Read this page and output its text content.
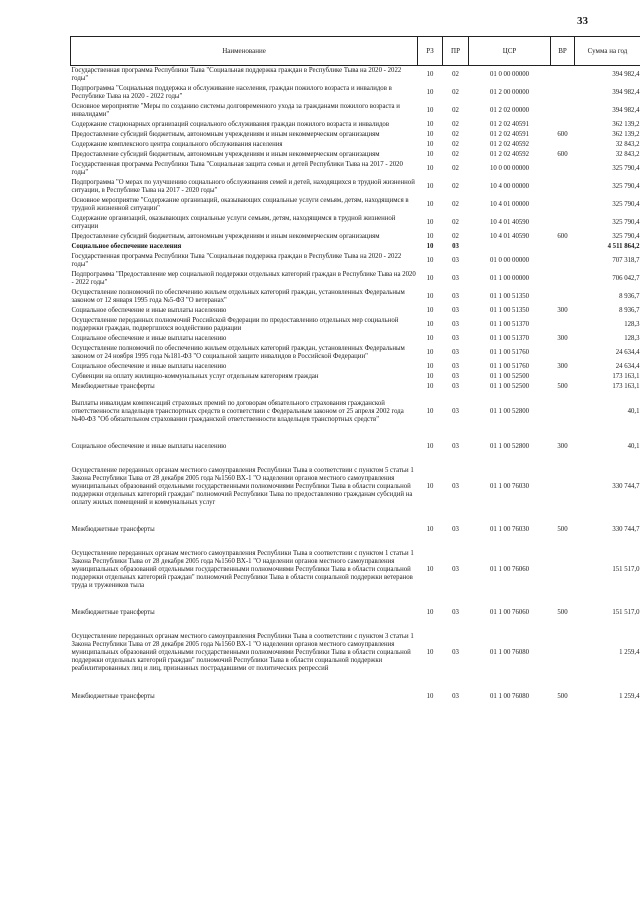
33
Наименование	РЗ	ПР	ЦСР	ВР	Сумма на год
Государственная программа Республики Тыва "Социальная поддержка граждан в Республике Тыва на 2020 - 2022 годы"	10	02	01 0 00 00000		394 982,4
Подпрограмма "Социальная поддержка и обслуживание населения, граждан пожилого возраста и инвалидов в Республике Тыва на 2020 - 2022 годы"	10	02	01 2 00 00000		394 982,4
Основное мероприятие "Меры по созданию системы долговременного ухода за гражданами пожилого возраста и инвалидами"	10	02	01 2 02 00000		394 982,4
Содержание стационарных организаций социального обслуживания граждан пожилого возраста и инвалидов	10	02	01 2 02 40591		362 139,2
Предоставление субсидий бюджетным, автономным учреждениям и иным некоммерческим организациям	10	02	01 2 02 40591	600	362 139,2
Содержание комплексного центра социального обслуживания населения	10	02	01 2 02 40592		32 843,2
Предоставление субсидий бюджетным, автономным учреждениям и иным некоммерческим организациям	10	02	01 2 02 40592	600	32 843,2
Государственная программа Республики Тыва "Социальная защита семьи и детей Республики Тыва на 2017 - 2020 годы"	10	02	10 0 00 00000		325 790,4
Подпрограмма "О мерах по улучшению социального обслуживания семей и детей, находящихся в трудной жизненной ситуации, в Республике Тыва на 2017 - 2020 годы"	10	02	10 4 00 00000		325 790,4
Основное мероприятие "Содержание организаций, оказывающих социальные услуги семьям, детям, находящимся в трудной жизненной ситуации"	10	02	10 4 01 00000		325 790,4
Содержание организаций, оказывающих социальные услуги семьям, детям, находящимся в трудной жизненной ситуации	10	02	10 4 01 40590		325 790,4
Предоставление субсидий бюджетным, автономным учреждениям и иным некоммерческим организациям	10	02	10 4 01 40590	600	325 790,4
Социальное обеспечение населения	10	03			4 511 864,2
Государственная программа Республики Тыва "Социальная поддержка граждан в Республике Тыва на 2020 - 2022 годы"	10	03	01 0 00 00000		707 318,7
Подпрограмма "Предоставление мер социальной поддержки отдельных категорий граждан в Республике Тыва на 2020 - 2022 годы"	10	03	01 1 00 00000		706 042,7
Осуществление полномочий по обеспечению жильем отдельных категорий граждан, установленных Федеральным законом от 12 января 1995 года №5-ФЗ "О ветеранах"	10	03	01 1 00 51350		8 936,7
Социальное обеспечение и иные выплаты населению	10	03	01 1 00 51350	300	8 936,7
Осуществление переданных полномочий Российской Федерации по предоставлению отдельных мер социальной поддержки граждан, подвергшихся воздействию радиации	10	03	01 1 00 51370		128,3
Социальное обеспечение и иные выплаты населению	10	03	01 1 00 51370	300	128,3
Осуществление полномочий по обеспечению жильем отдельных категорий граждан, установленных Федеральным законом от 24 ноября 1995 года №181-ФЗ "О социальной защите инвалидов в Российской Федерации"	10	03	01 1 00 51760		24 634,4
Социальное обеспечение и иные выплаты населению	10	03	01 1 00 51760	300	24 634,4
Субвенции на оплату жилищно-коммунальных услуг отдельным категориям граждан	10	03	01 1 00 52500		173 163,1
Межбюджетные трансферты	10	03	01 1 00 52500	500	173 163,1
Выплаты инвалидам компенсаций страховых премий по договорам обязательного страхования гражданской ответственности владельцев транспортных средств в соответствии с Федеральным законом от 25 апреля 2002 года №40-ФЗ "Об обязательном страховании гражданской ответственности владельцев транспортных средств"	10	03	01 1 00 52800		40,1
Социальное обеспечение и иные выплаты населению	10	03	01 1 00 52800	300	40,1
Осуществление переданных органам местного самоуправления Республики Тыва в соответствии с пунктом 5 статьи 1 Закона Республики Тыва от 28 декабря 2005 года №1560 ВХ-1 "О наделении органов местного самоуправления муниципальных образований отдельными государственными полномочиями Республики Тыва в области социальной поддержки отдельных категорий граждан" полномочий Республики Тыва по предоставлению гражданам субсидий на оплату жилых помещений и коммунальных услуг	10	03	01 1 00 76030		330 744,7
Межбюджетные трансферты	10	03	01 1 00 76030	500	330 744,7
Осуществление переданных органам местного самоуправления Республики Тыва в соответствии с пунктом 1 статьи 1 Закона Республики Тыва от 28 декабря 2005 года №1560 ВХ-1 "О наделении органов местного самоуправления муниципальных образований отдельными государственными полномочиями Республики Тыва в области социальной поддержки отдельных категорий граждан" полномочий Республики Тыва в области социальной поддержки ветеранов труда и тружеников тыла	10	03	01 1 00 76060		151 517,0
Межбюджетные трансферты	10	03	01 1 00 76060	500	151 517,0
Осуществление переданных органам местного самоуправления Республики Тыва в соответствии с пунктом 3 статьи 1 Закона Республики Тыва от 28 декабря 2005 года №1560 ВХ-1 "О наделении органов местного самоуправления муниципальных образований отдельными государственными полномочиями Республики Тыва в области социальной поддержки отдельных категорий граждан" полномочий Республики Тыва в области социальной поддержки реабилитированных лиц и лиц, признанных пострадавшими от политических репрессий	10	03	01 1 00 76080		1 259,4
Межбюджетные трансферты	10	03	01 1 00 76080	500	1 259,4
